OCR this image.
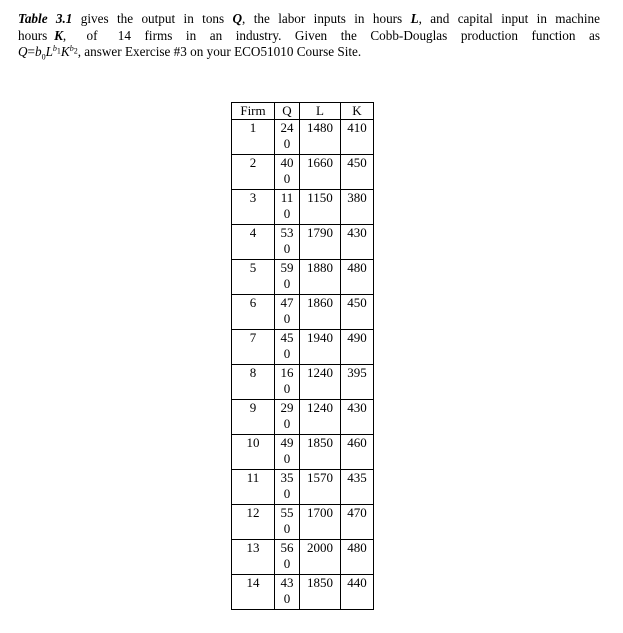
Table 3.1 gives the output in tons Q, the labor inputs in hours L, and capital input in machine
hours K,   of   14  firms  in  an  industry.  Given  the  Cobb-Douglas  production  function  as
$Q=b_0L^{b_1}K^{b_2}$, answer Exercise #3 on your ECO51010 Course Site.
Firm	Q	L	K
1	240	1480	410
2	400	1660	450
3	110	1150	380
4	530	1790	430
5	590	1880	480
6	470	1860	450
7	450	1940	490
8	160	1240	395
9	290	1240	430
10	490	1850	460
11	350	1570	435
12	550	1700	470
13	560	2000	480
14	430	1850	440
